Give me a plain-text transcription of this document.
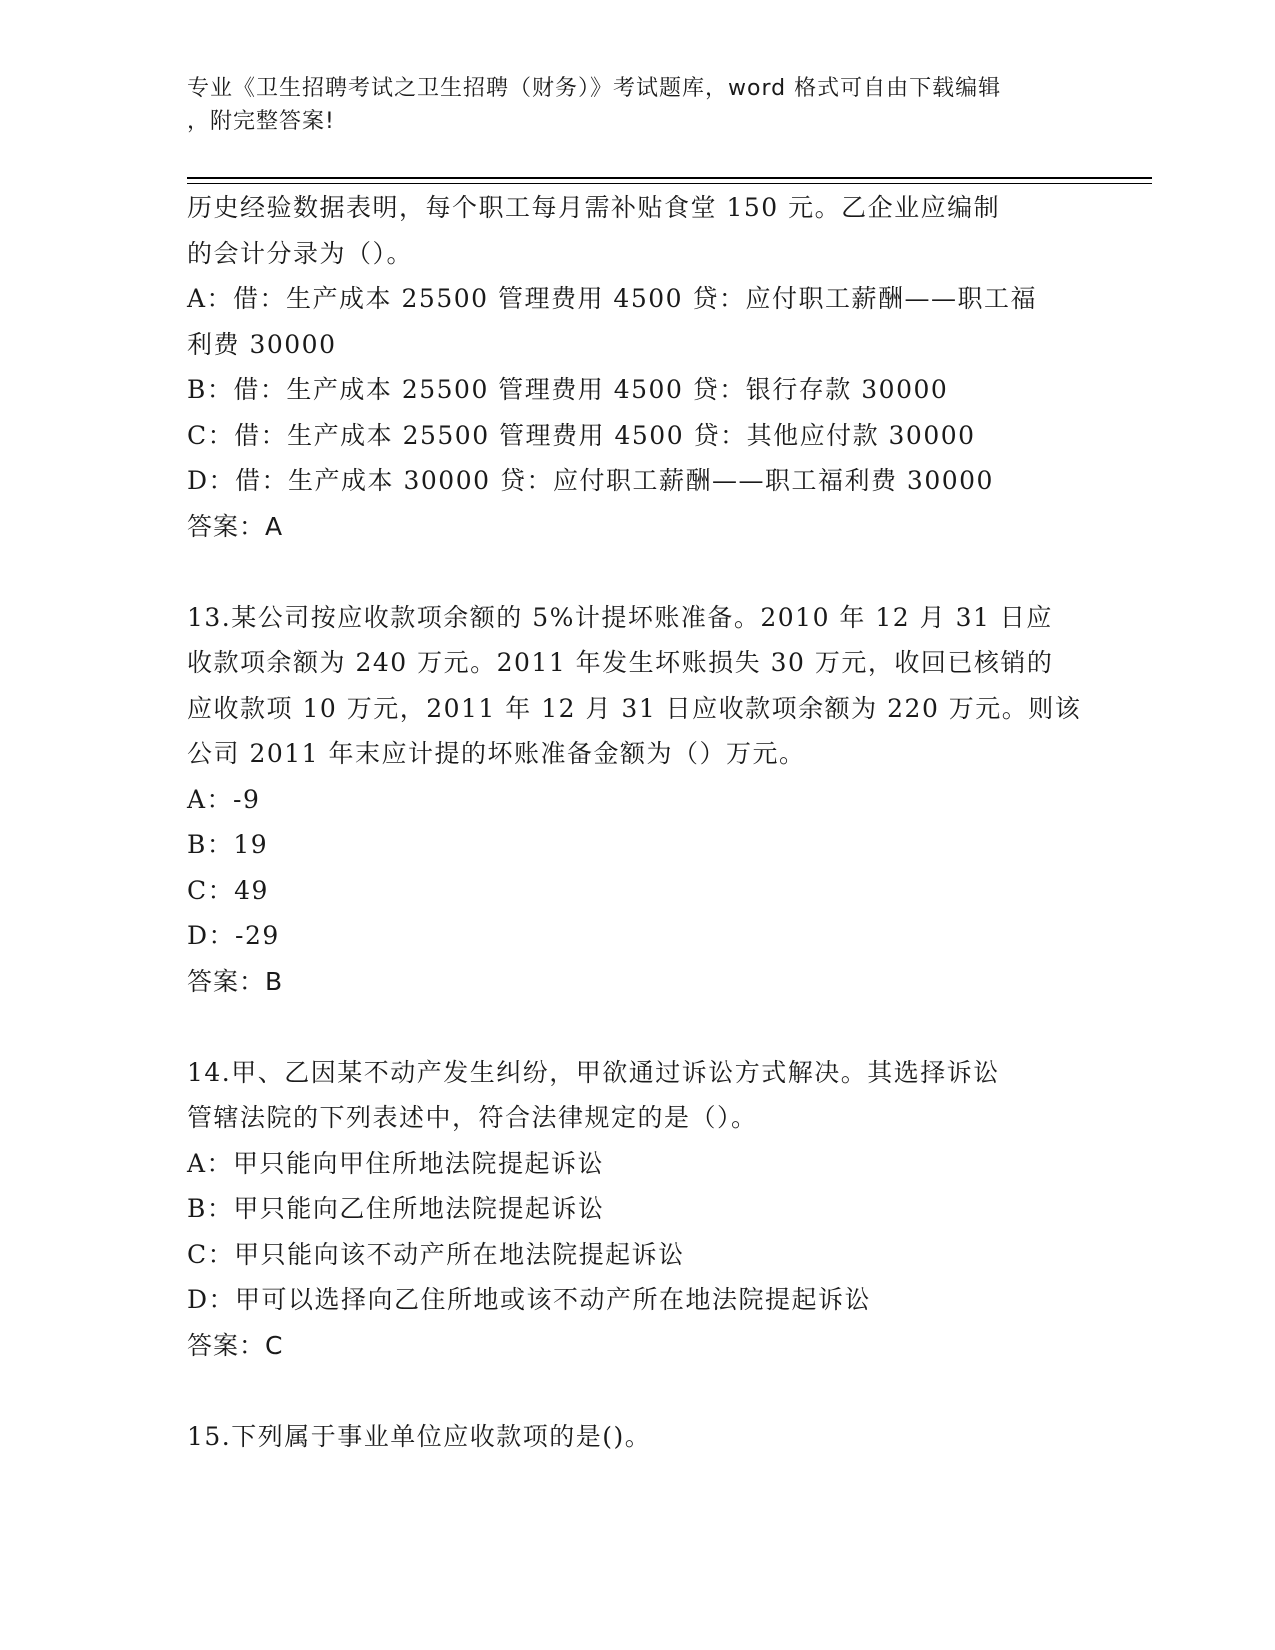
专业《卫生招聘考试之卫生招聘（财务）》考试题库，word 格式可自由下载编辑
，附完整答案!
历史经验数据表明，每个职工每月需补贴食堂 150 元。乙企业应编制
的会计分录为（）。
A：借：生产成本 25500 管理费用 4500 贷：应付职工薪酬——职工福
利费 30000
B：借：生产成本 25500 管理费用 4500 贷：银行存款 30000
C：借：生产成本 25500 管理费用 4500 贷：其他应付款 30000
D：借：生产成本 30000 贷：应付职工薪酬——职工福利费 30000
答案：A
13.某公司按应收款项余额的 5%计提坏账准备。2010 年 12 月 31 日应
收款项余额为 240 万元。2011 年发生坏账损失 30 万元，收回已核销的
应收款项 10 万元，2011 年 12 月 31 日应收款项余额为 220 万元。则该
公司 2011 年末应计提的坏账准备金额为（）万元。
A：-9
B：19
C：49
D：-29
答案：B
14.甲、乙因某不动产发生纠纷，甲欲通过诉讼方式解决。其选择诉讼
管辖法院的下列表述中，符合法律规定的是（）。
A：甲只能向甲住所地法院提起诉讼
B：甲只能向乙住所地法院提起诉讼
C：甲只能向该不动产所在地法院提起诉讼
D：甲可以选择向乙住所地或该不动产所在地法院提起诉讼
答案：C
15.下列属于事业单位应收款项的是()。
